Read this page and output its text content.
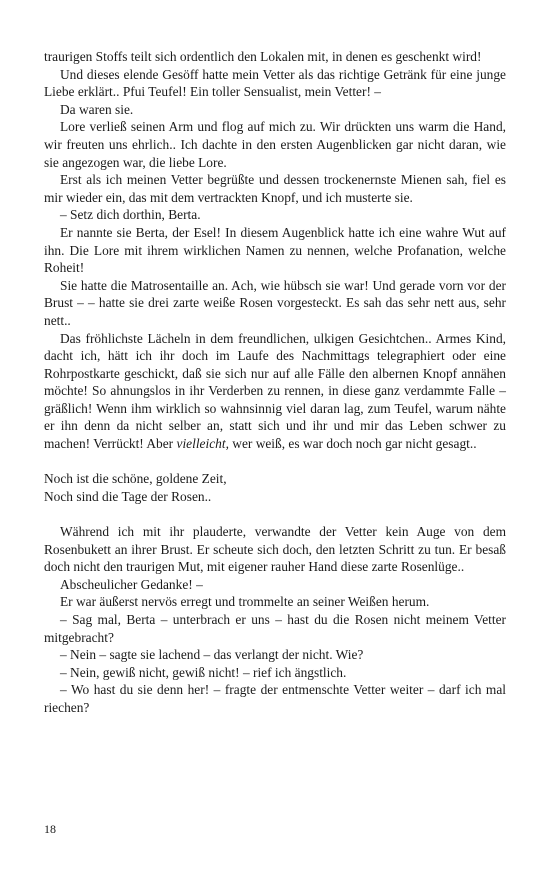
traurigen Stoffs teilt sich ordentlich den Lokalen mit, in denen es geschenkt wird!

Und dieses elende Gesöff hatte mein Vetter als das richtige Getränk für eine junge Liebe erklärt.. Pfui Teufel! Ein toller Sensualist, mein Vetter! –

Da waren sie.

Lore verließ seinen Arm und flog auf mich zu. Wir drückten uns warm die Hand, wir freuten uns ehrlich.. Ich dachte in den ersten Augenblicken gar nicht daran, wie sie angezogen war, die liebe Lore.

Erst als ich meinen Vetter begrüßte und dessen trockenernste Mienen sah, fiel es mir wieder ein, das mit dem vertrackten Knopf, und ich musterte sie.

– Setz dich dorthin, Berta.

Er nannte sie Berta, der Esel! In diesem Augenblick hatte ich eine wahre Wut auf ihn. Die Lore mit ihrem wirklichen Namen zu nennen, welche Profanation, welche Roheit!

Sie hatte die Matrosentaille an. Ach, wie hübsch sie war! Und gerade vorn vor der Brust – – hatte sie drei zarte weiße Rosen vorgesteckt. Es sah das sehr nett aus, sehr nett..

Das fröhlichste Lächeln in dem freundlichen, ulkigen Gesichtchen.. Armes Kind, dacht ich, hätt ich ihr doch im Laufe des Nachmittags telegraphiert oder eine Rohrpostkarte geschickt, daß sie sich nur auf alle Fälle den albernen Knopf annähen möchte! So ahnungslos in ihr Verderben zu rennen, in diese ganz verdammte Falle – gräßlich! Wenn ihm wirklich so wahnsinnig viel daran lag, zum Teufel, warum nähte er ihn denn da nicht selber an, statt sich und ihr und mir das Leben schwer zu machen! Verrückt! Aber vielleicht, wer weiß, es war doch noch gar nicht gesagt..

Noch ist die schöne, goldene Zeit,

Noch sind die Tage der Rosen..

Während ich mit ihr plauderte, verwandte der Vetter kein Auge von dem Rosenbukett an ihrer Brust. Er scheute sich doch, den letzten Schritt zu tun. Er besaß doch nicht den traurigen Mut, mit eigener rauher Hand diese zarte Rosenlüge..

Abscheulicher Gedanke! –

Er war äußerst nervös erregt und trommelte an seiner Weißen herum.

– Sag mal, Berta – unterbrach er uns – hast du die Rosen nicht meinem Vetter mitgebracht?

– Nein – sagte sie lachend – das verlangt der nicht. Wie?

– Nein, gewiß nicht, gewiß nicht! – rief ich ängstlich.

– Wo hast du sie denn her! – fragte der entmenschte Vetter weiter – darf ich mal riechen?

18
